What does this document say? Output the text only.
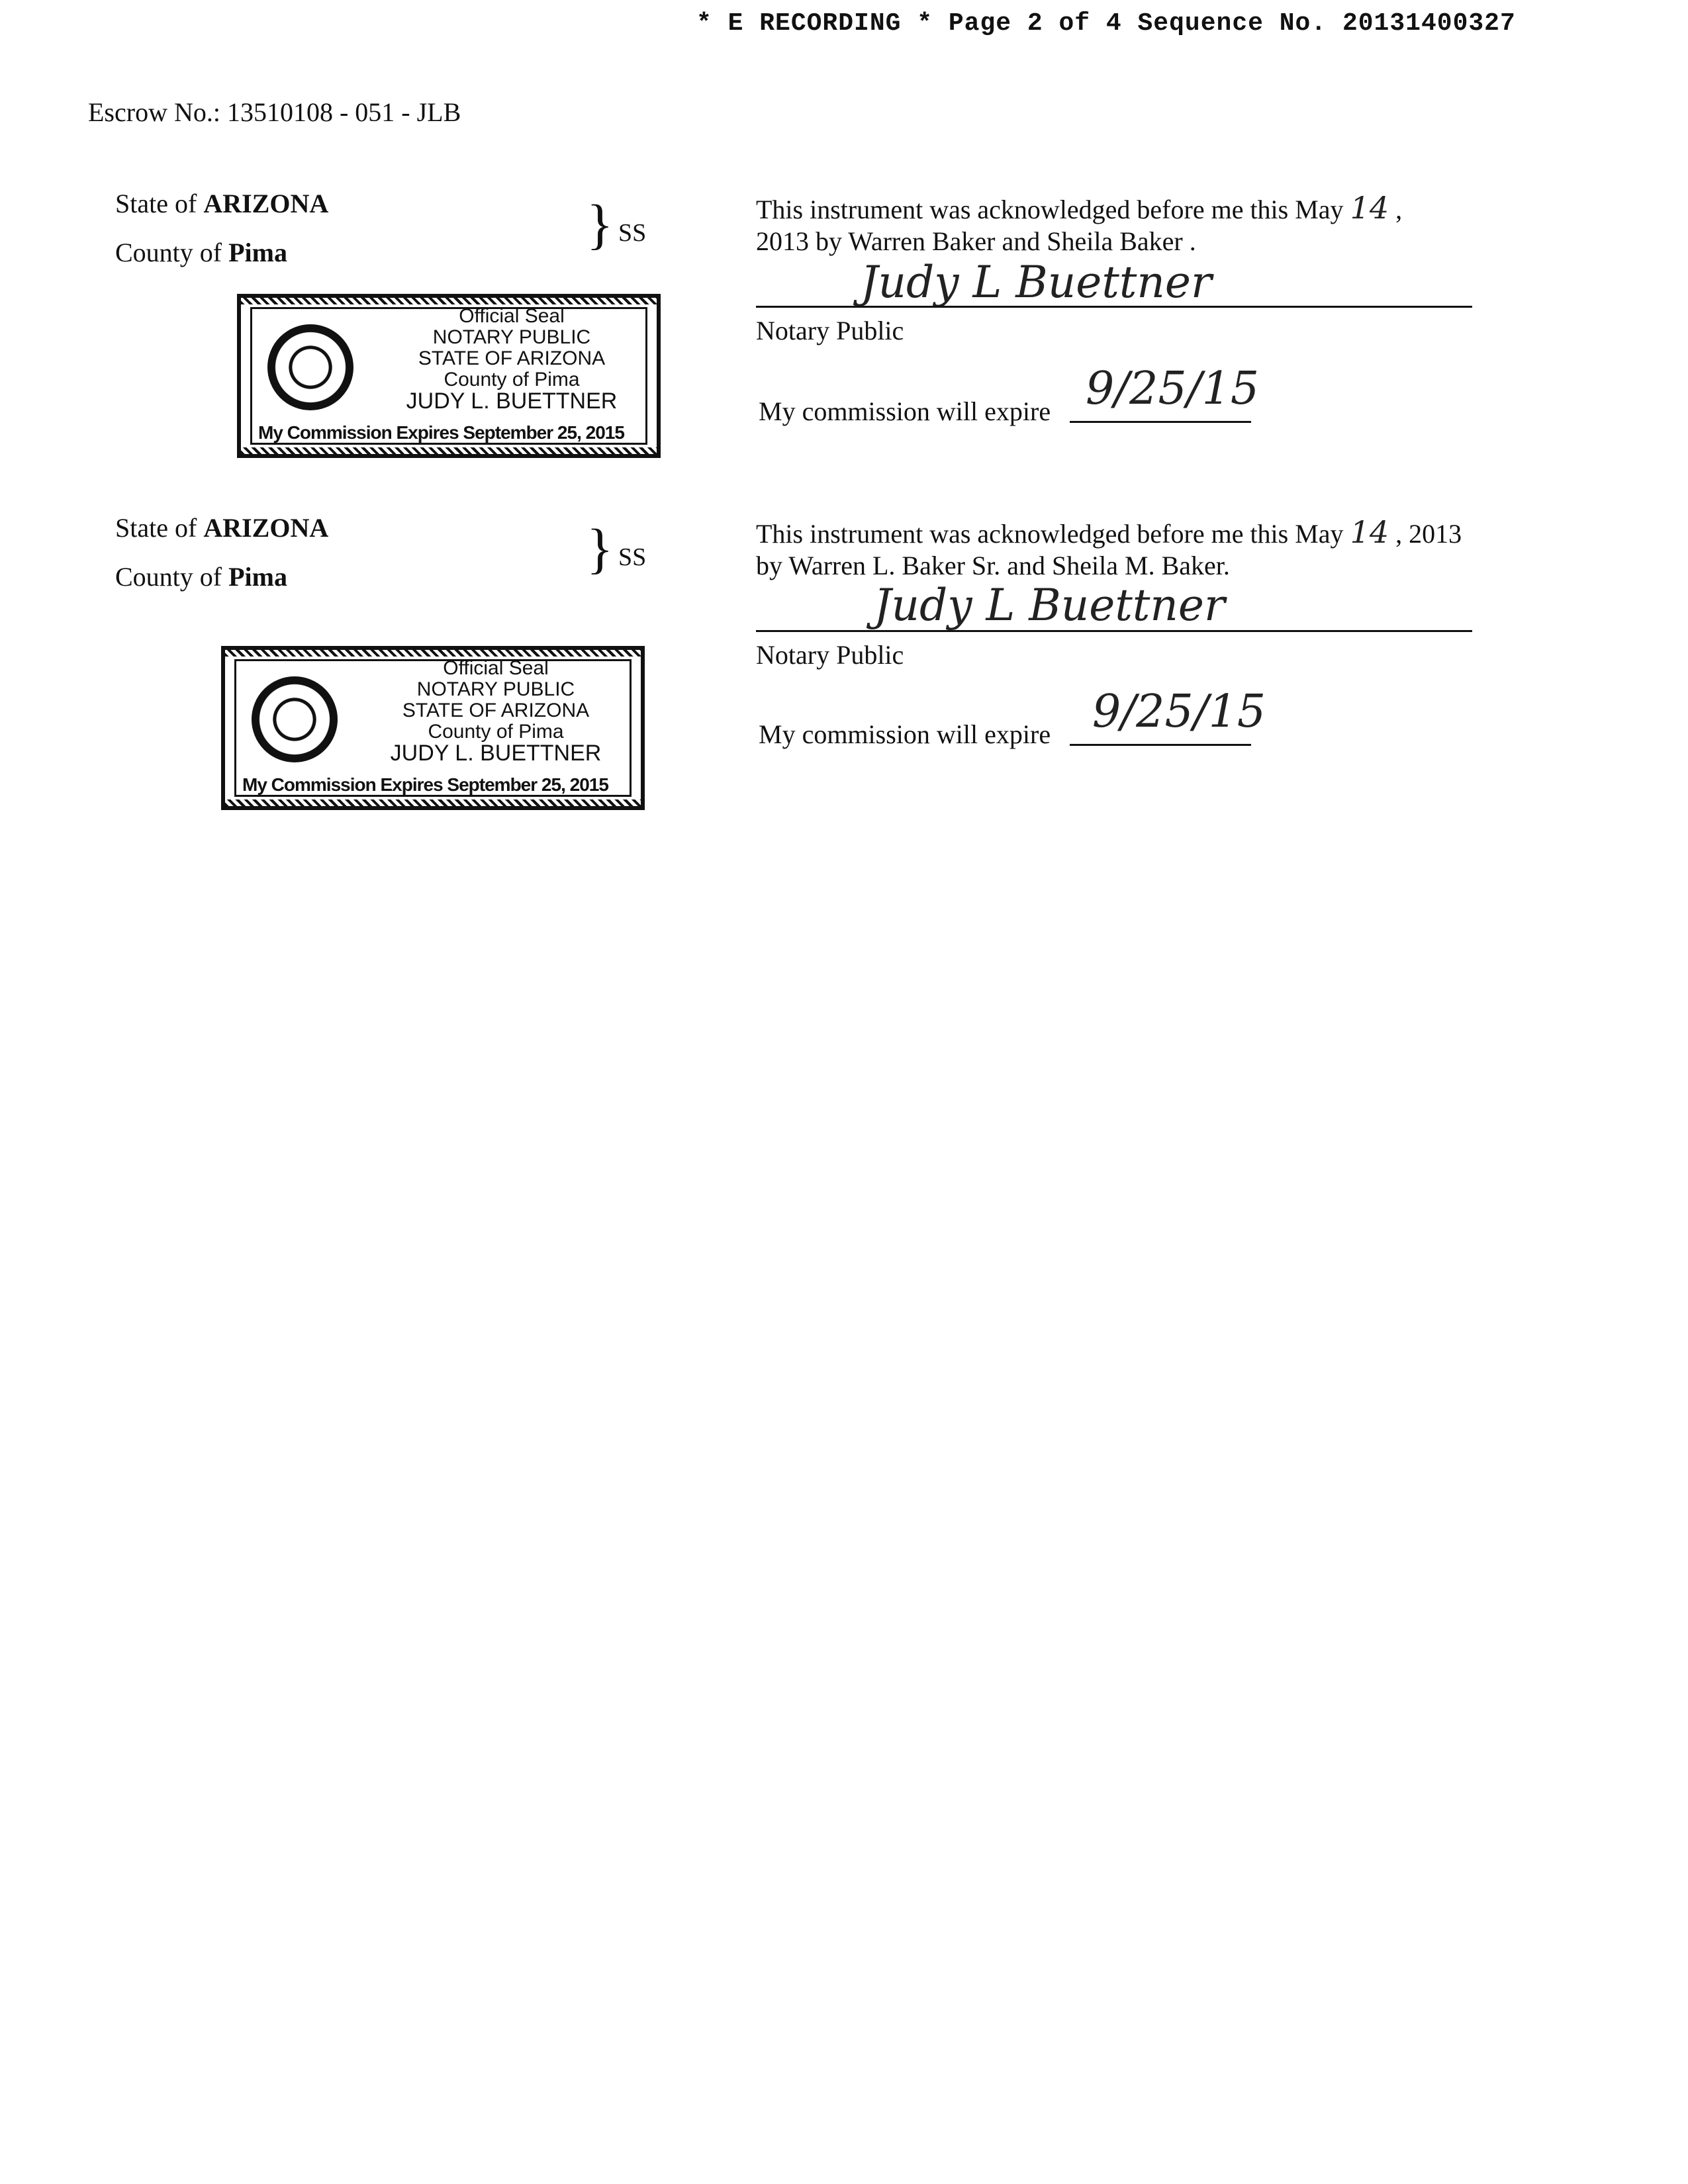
* E RECORDING * Page 2 of 4 Sequence No. 20131400327
Escrow No.: 13510108 - 051 - JLB
State of ARIZONA
County of Pima	} SS
Official Seal
NOTARY PUBLIC
STATE OF ARIZONA
County of Pima
JUDY L. BUETTNER
My Commission Expires September 25, 2015
This instrument was acknowledged before me this May 14 ,
2013 by Warren Baker and Sheila Baker .
Judy L Buettner
Notary Public
My commission will expire 9/25/15
State of ARIZONA
County of Pima	} SS
Official Seal
NOTARY PUBLIC
STATE OF ARIZONA
County of Pima
JUDY L. BUETTNER
My Commission Expires September 25, 2015
This instrument was acknowledged before me this May 14 , 2013
by Warren L. Baker Sr. and Sheila M. Baker.
Judy L Buettner
Notary Public
My commission will expire 9/25/15
